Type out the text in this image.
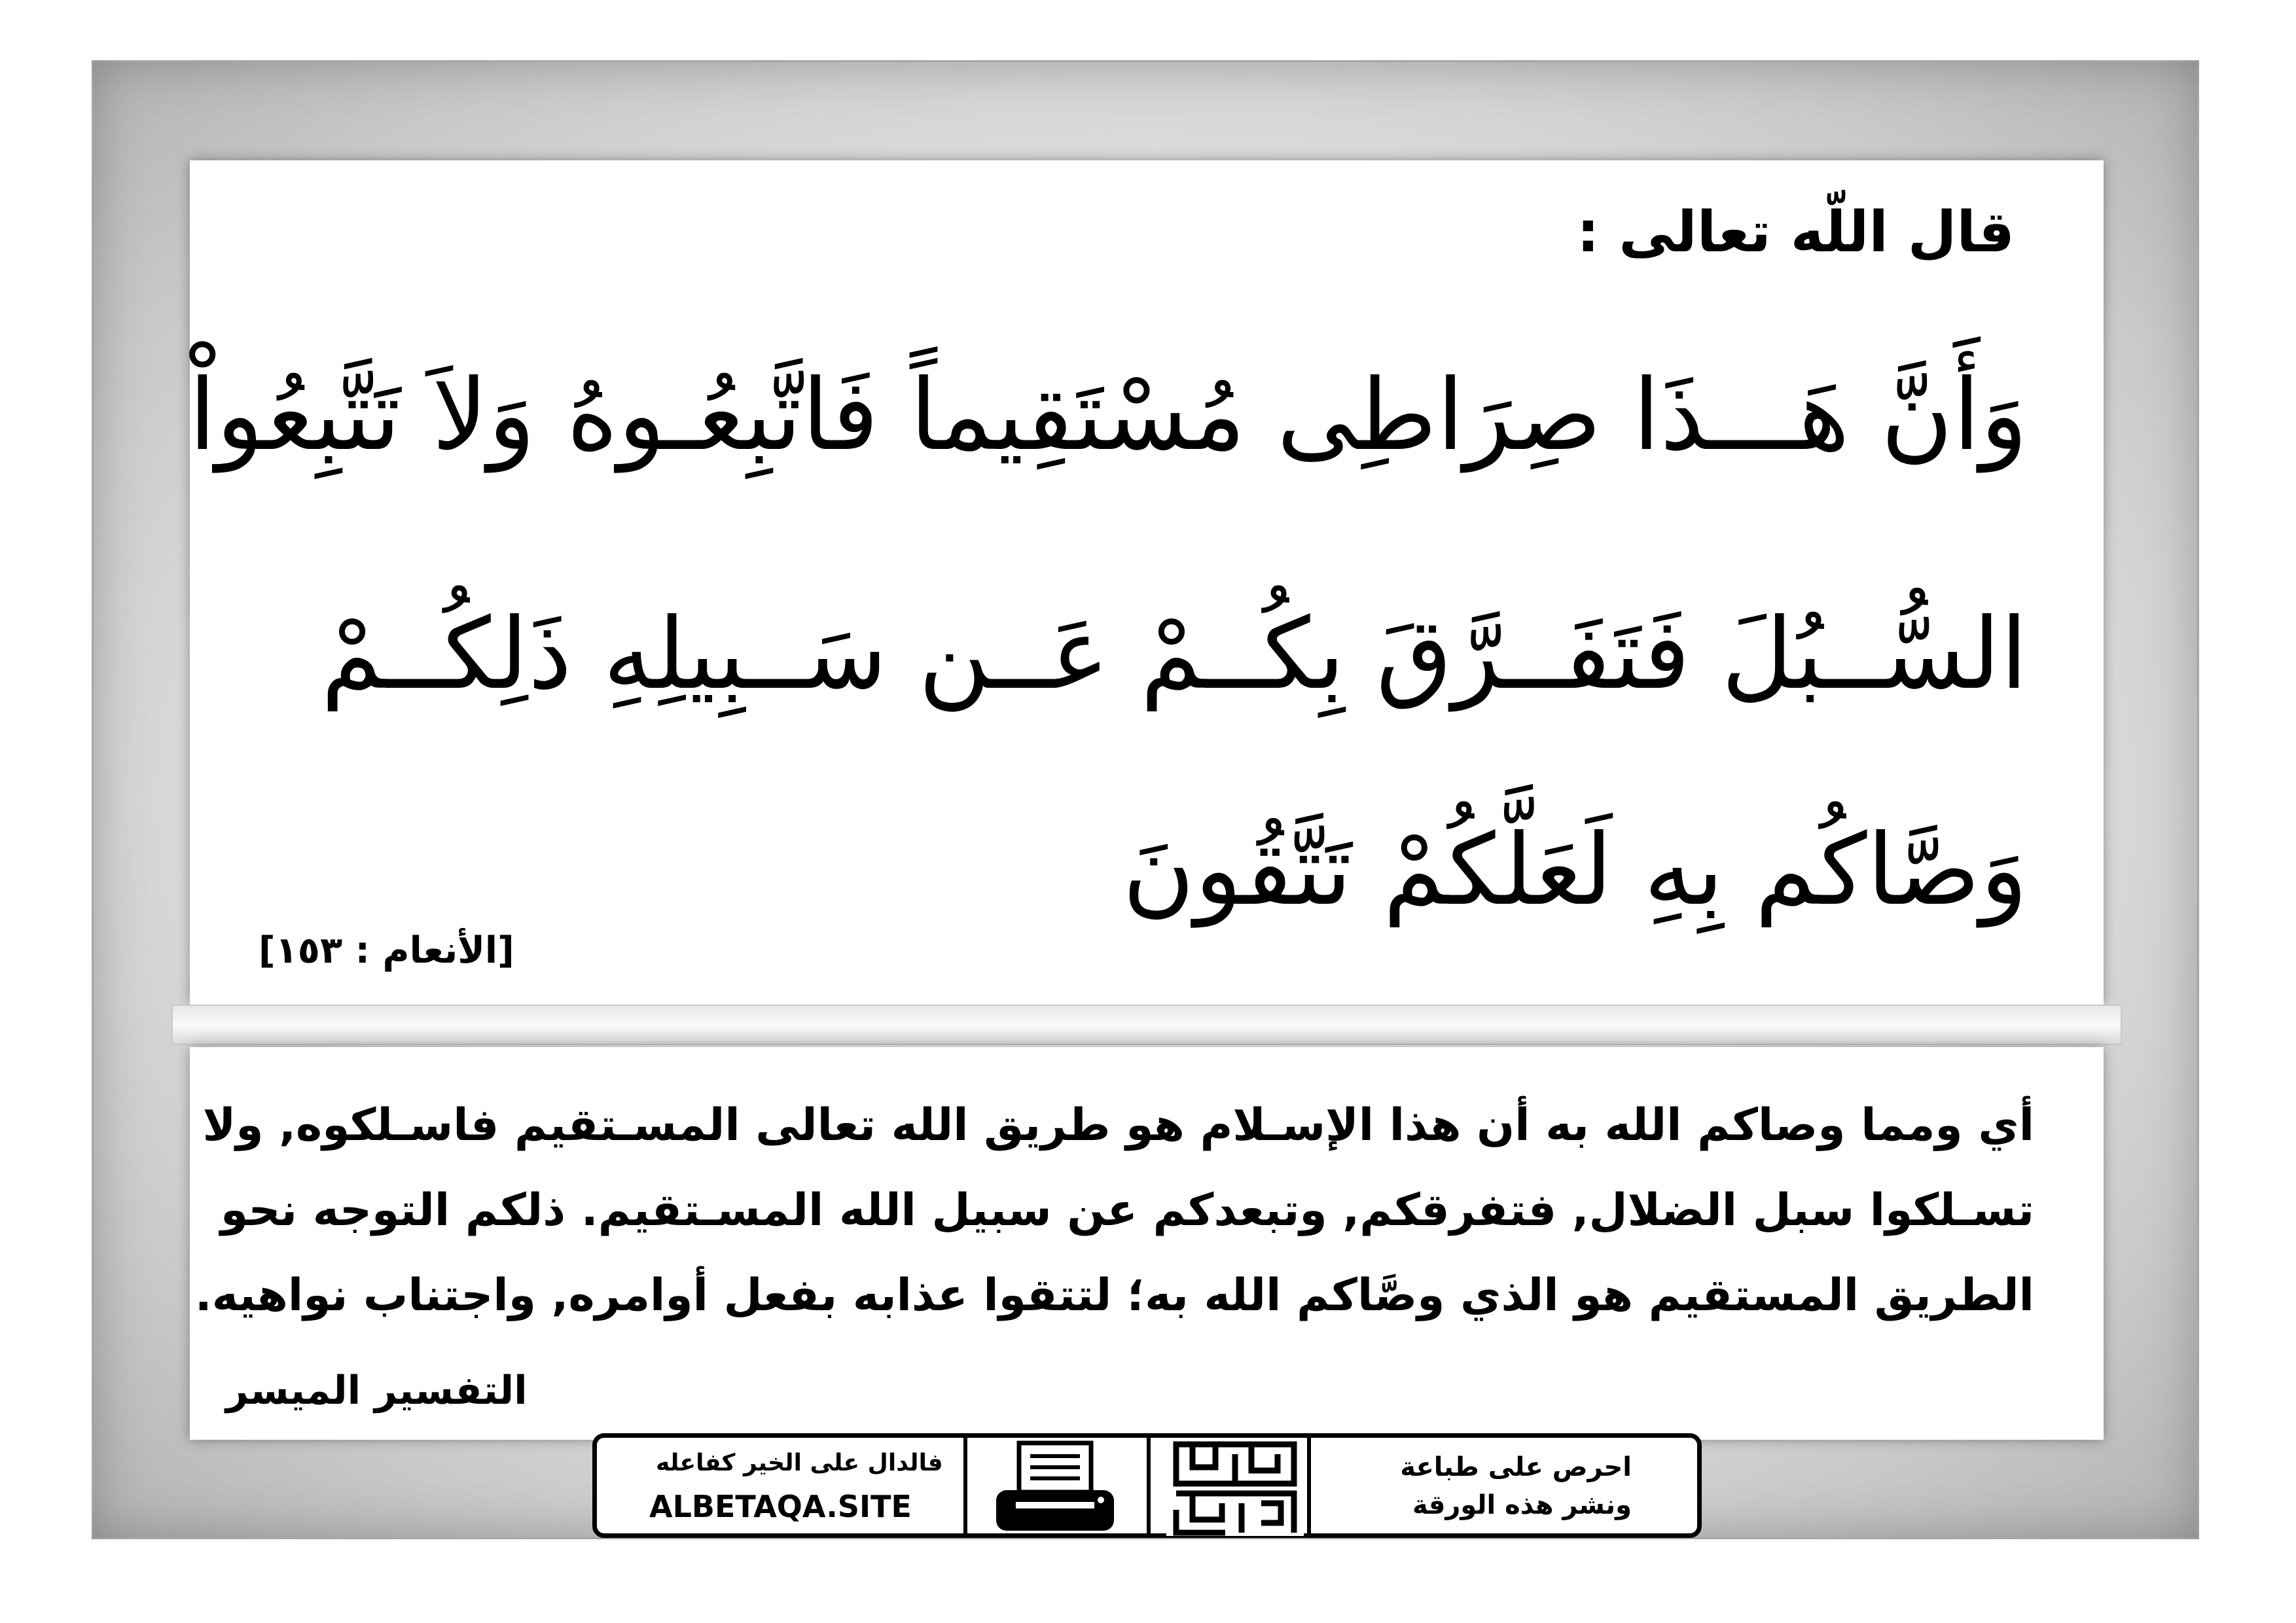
قال اللّه تعالى :
وَأَنَّ هَـــذَا صِرَاطِى مُسْتَقِيماً فَاتَّبِعُـوهُ وَلاَ تَتَّبِعُواْ
السُّــبُلَ فَتَفَــرَّقَ بِكُــمْ عَــن سَــبِيلِهِ ذَلِكُــمْ
وَصَّاكُم بِهِ لَعَلَّكُمْ تَتَّقُونَ
[الأنعام : ١٥٣]
أي ومما وصاكم الله به أن هذا الإسـلام هو طريق الله تعالى المسـتقيم فاسـلكوه, ولا
تسـلكوا سبل الضلال, فتفرقكم, وتبعدكم عن سبيل الله المسـتقيم. ذلكم التوجه نحو
الطريق المستقيم هو الذي وصَّاكم الله به؛ لتتقوا عذابه بفعل أوامره, واجتناب نواهيه.
التفسير الميسر
فالدال على الخير كفاعله
ALBETAQA.SITE
احرص على طباعة
ونشر هذه الورقة
